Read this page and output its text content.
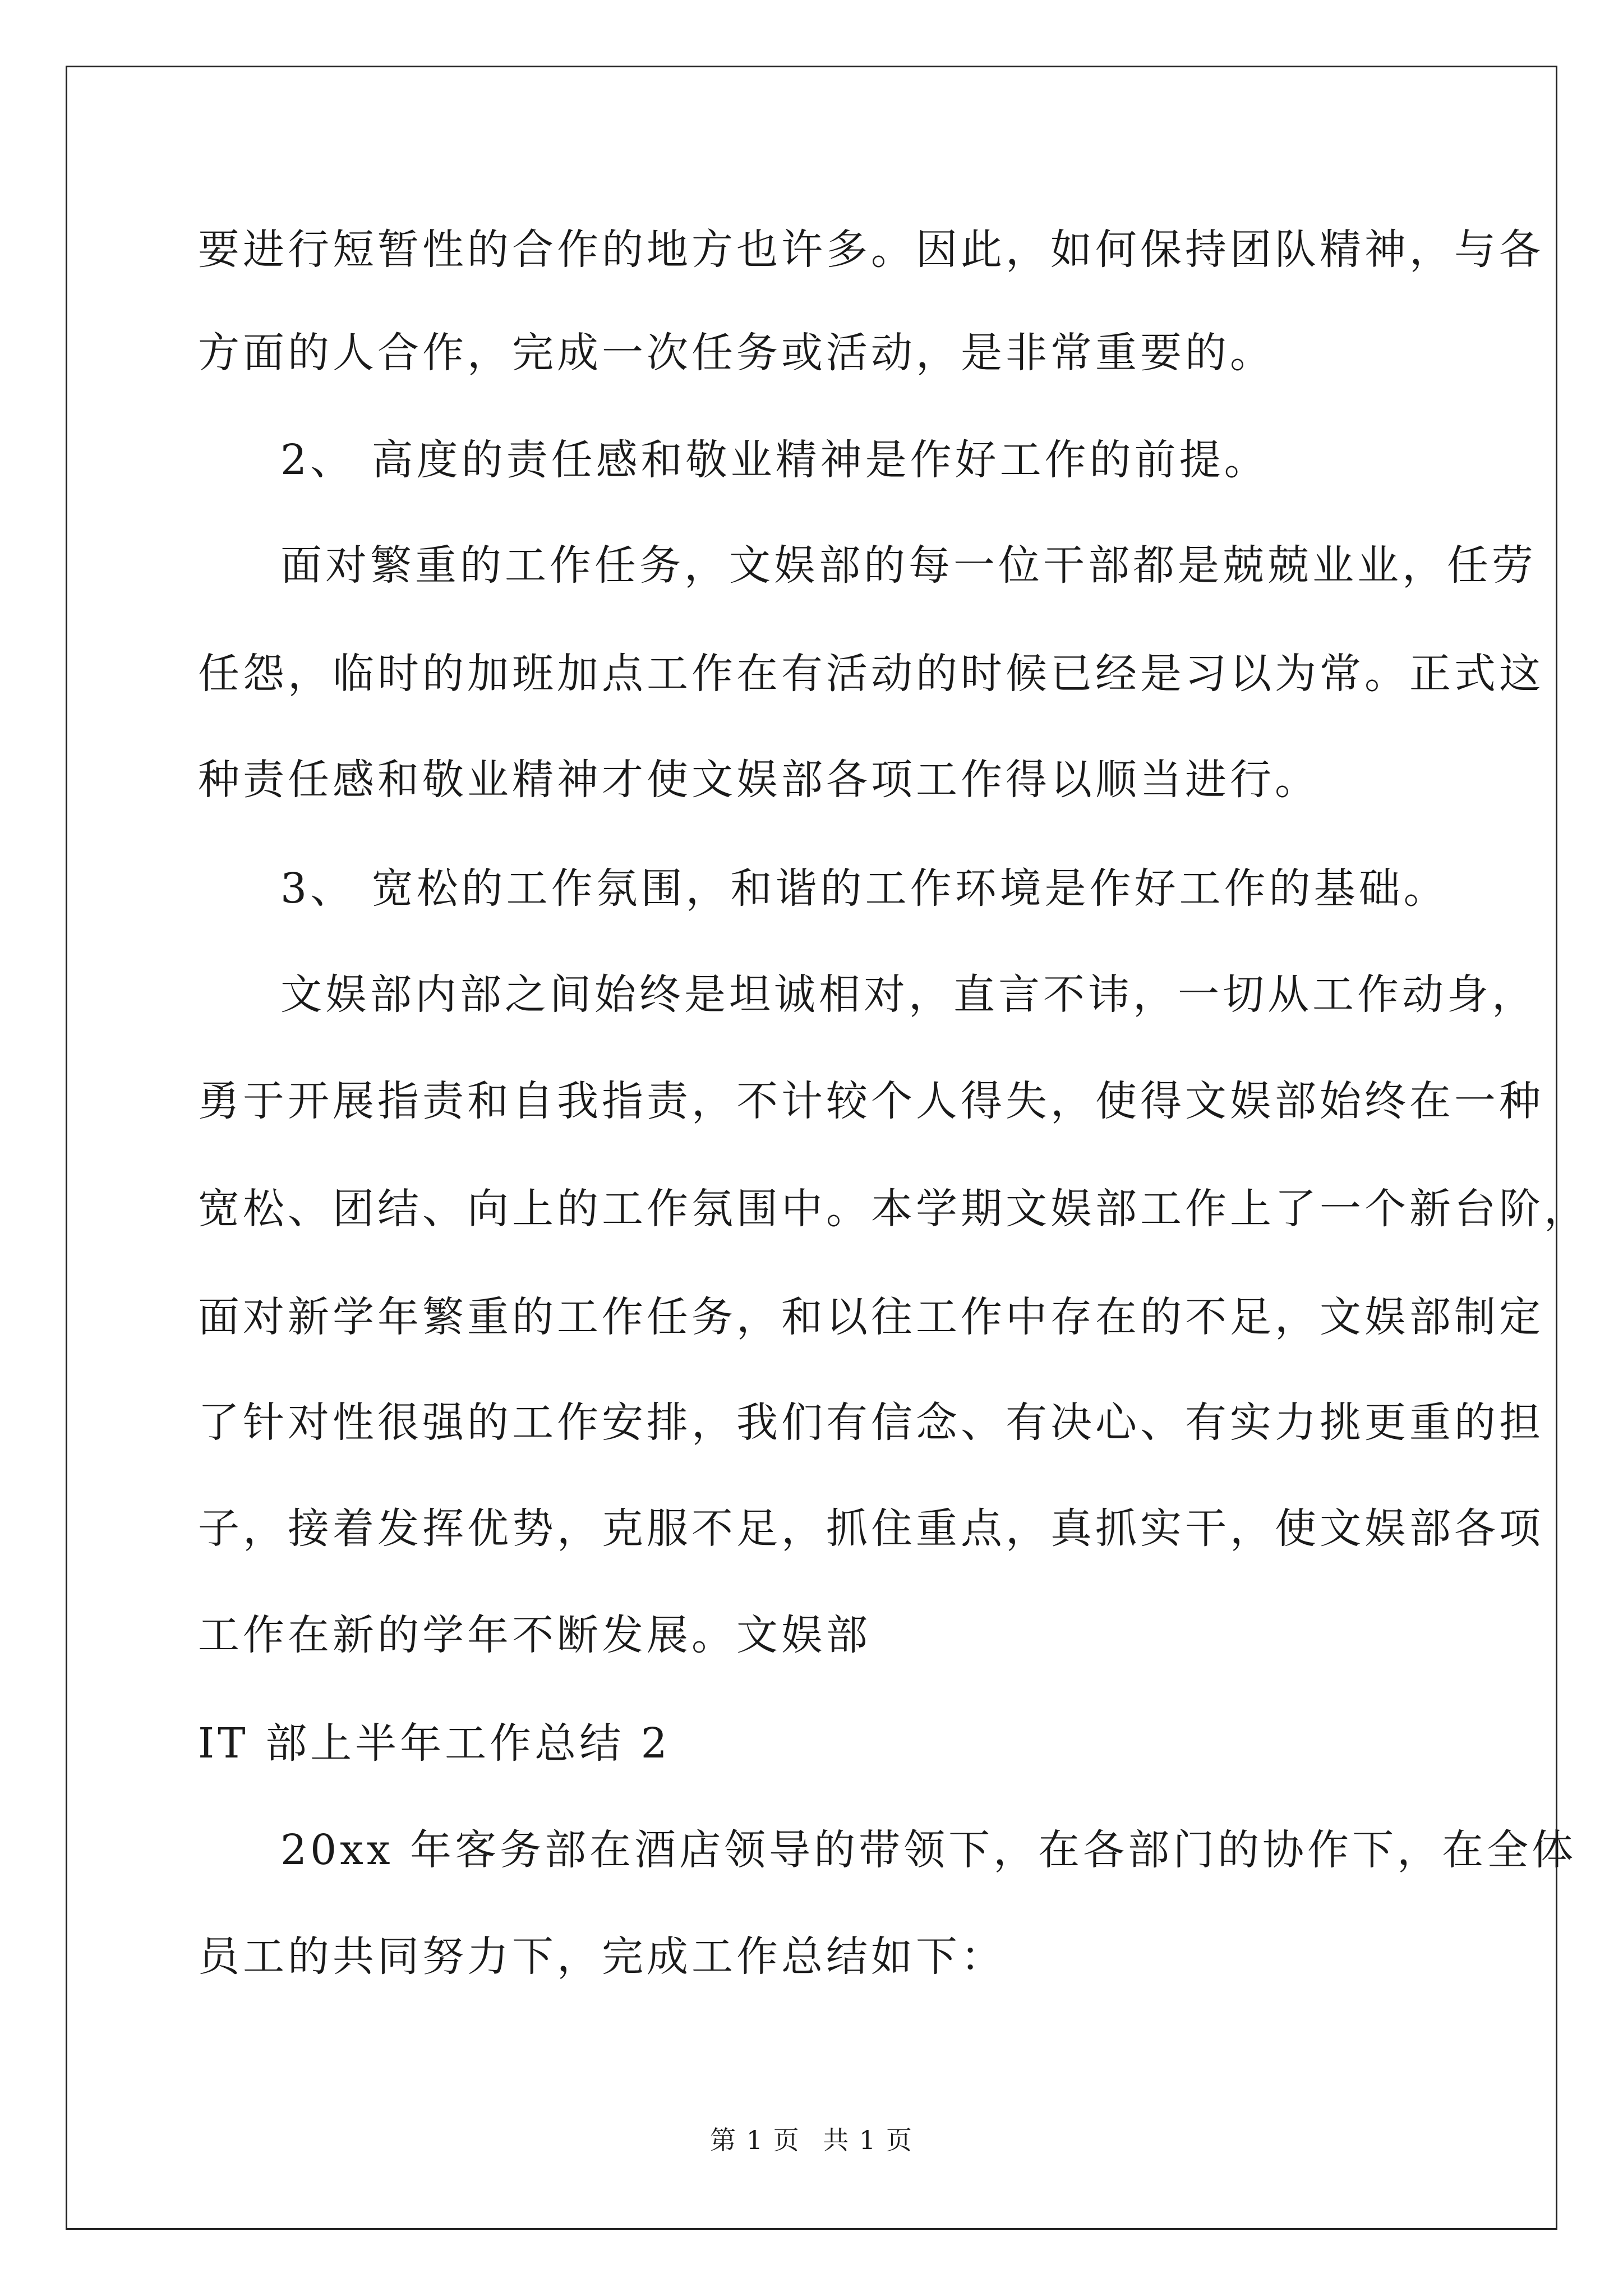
要进行短暂性的合作的地方也许多。因此，如何保持团队精神，与各
方面的人合作，完成一次任务或活动，是非常重要的。
2、 高度的责任感和敬业精神是作好工作的前提。
面对繁重的工作任务，文娱部的每一位干部都是兢兢业业，任劳
任怨，临时的加班加点工作在有活动的时候已经是习以为常。正式这
种责任感和敬业精神才使文娱部各项工作得以顺当进行。
3、 宽松的工作氛围，和谐的工作环境是作好工作的基础。
文娱部内部之间始终是坦诚相对，直言不讳，一切从工作动身，
勇于开展指责和自我指责，不计较个人得失，使得文娱部始终在一种
宽松、团结、向上的工作氛围中。本学期文娱部工作上了一个新台阶，
面对新学年繁重的工作任务，和以往工作中存在的不足，文娱部制定
了针对性很强的工作安排，我们有信念、有决心、有实力挑更重的担
子，接着发挥优势，克服不足，抓住重点，真抓实干，使文娱部各项
工作在新的学年不断发展。文娱部
IT 部上半年工作总结 2
20xx 年客务部在酒店领导的带领下，在各部门的协作下，在全体
员工的共同努力下，完成工作总结如下：
第 1 页 共 1 页
